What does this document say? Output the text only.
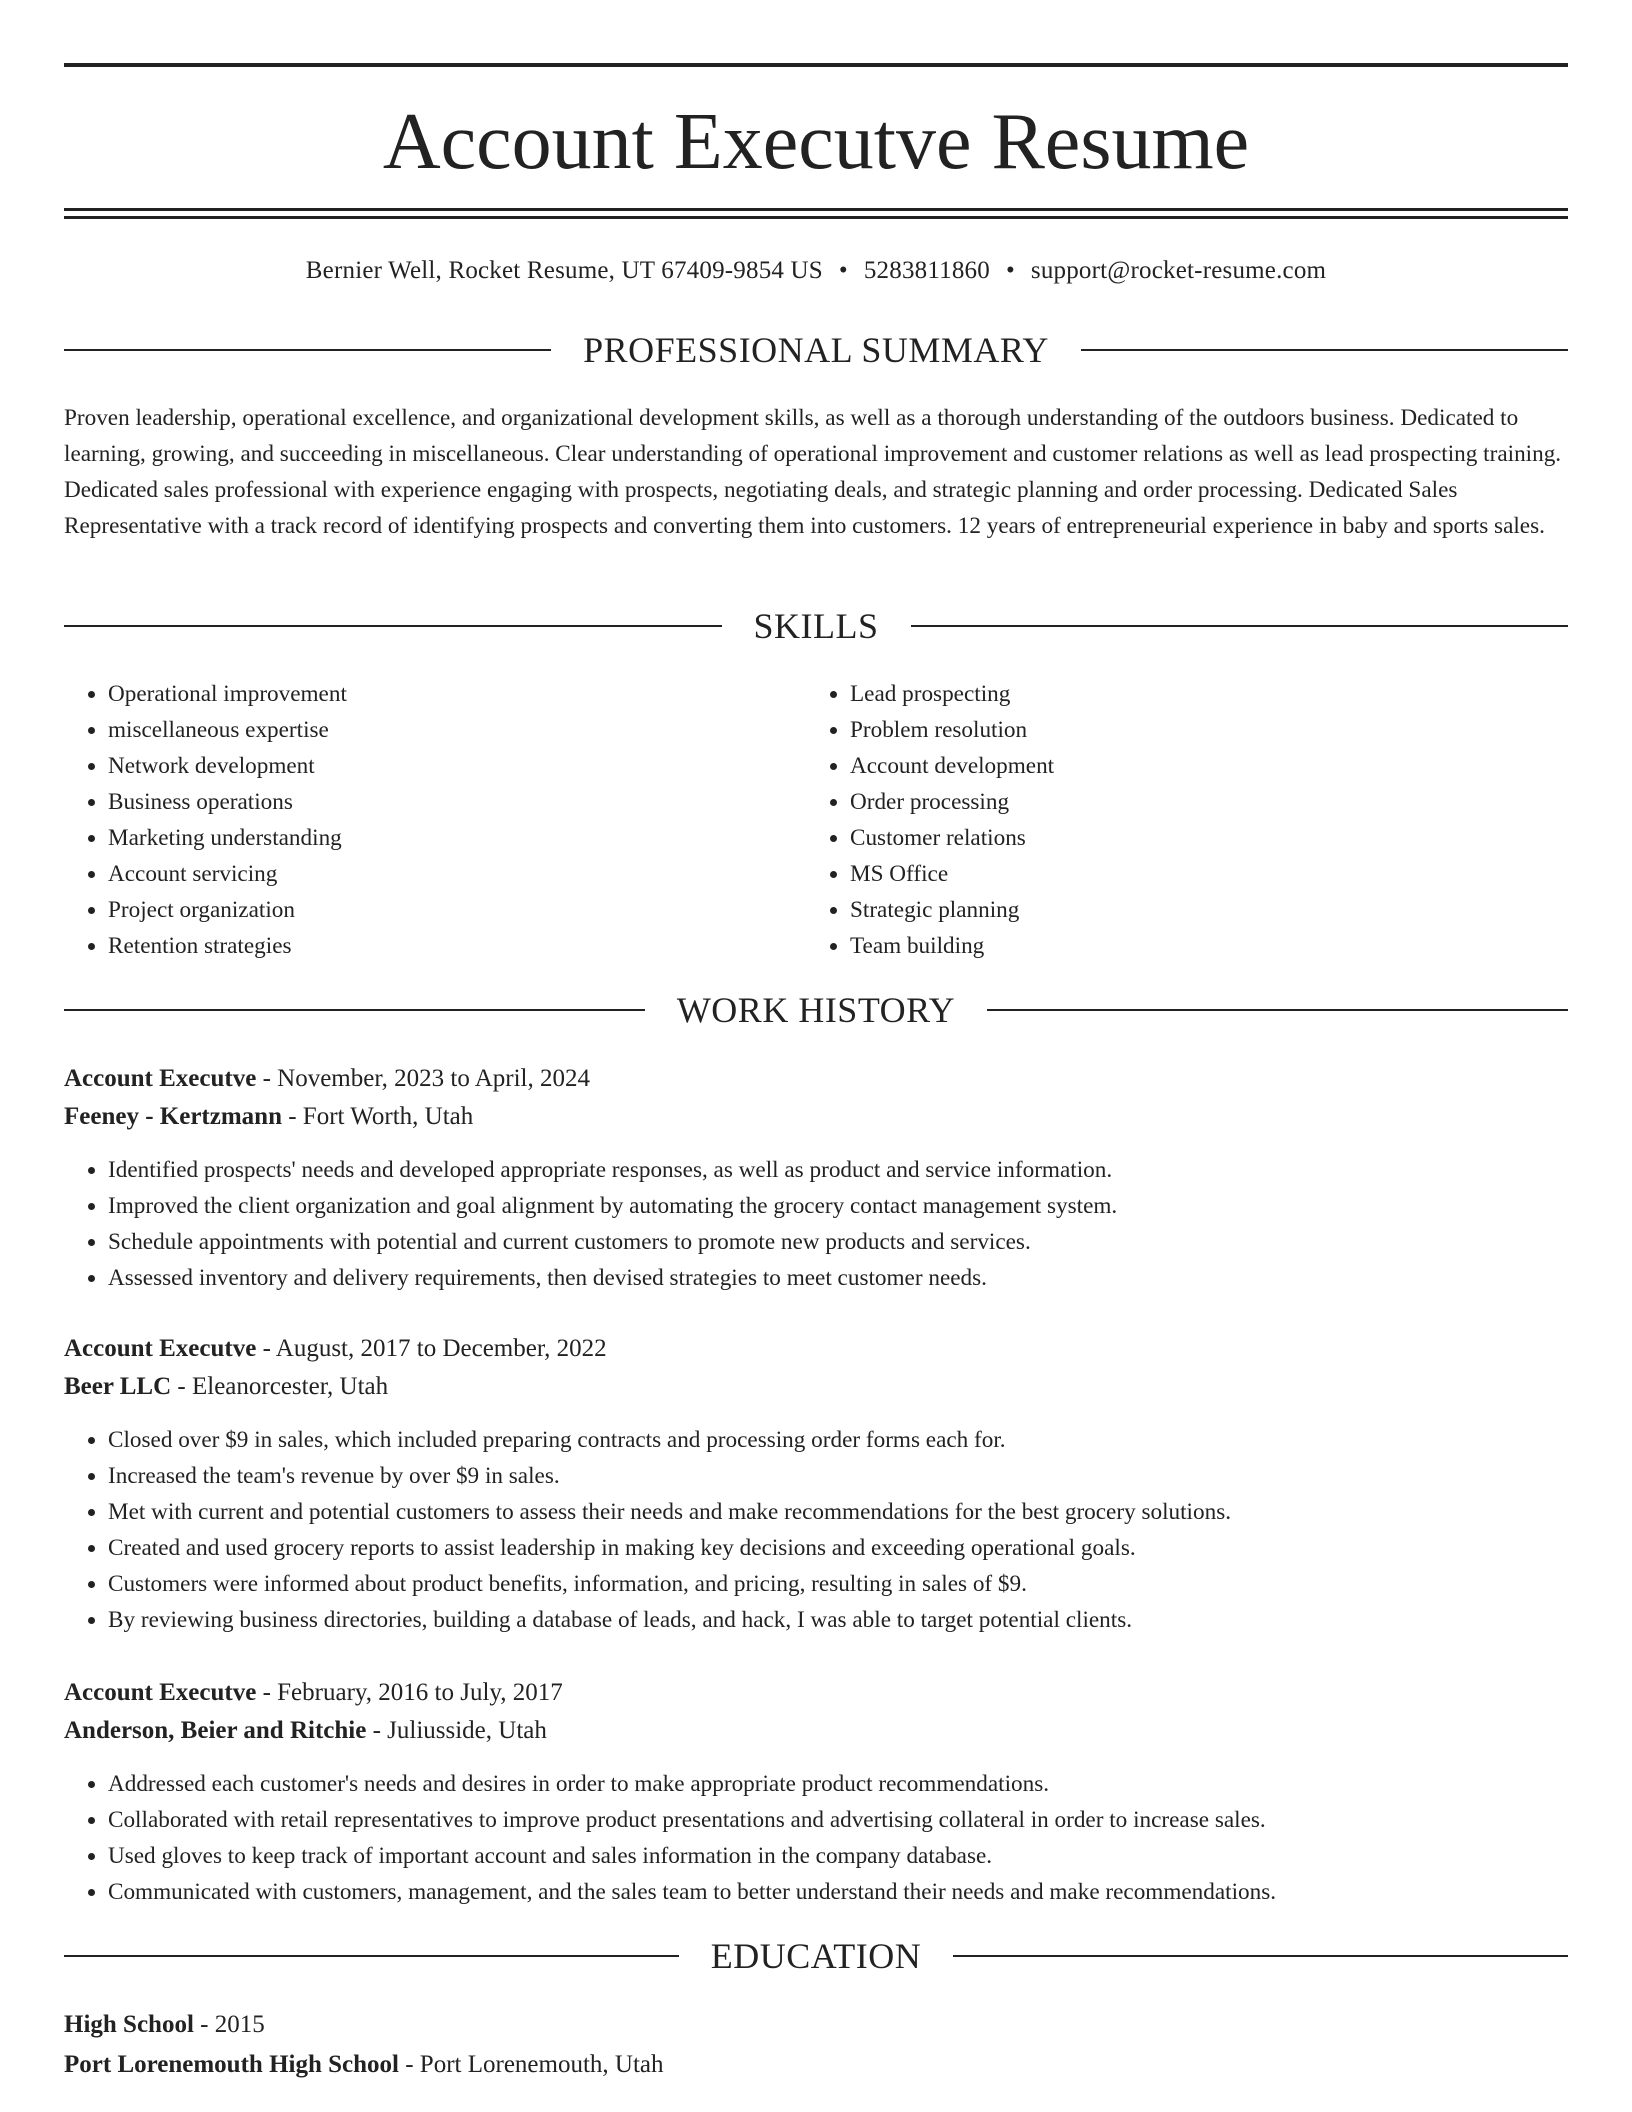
Account Executve Resume
Bernier Well, Rocket Resume, UT 67409-9854 US • 5283811860 • support@rocket-resume.com
PROFESSIONAL SUMMARY

Proven leadership, operational excellence, and organizational development skills, as well as a thorough understanding of the outdoors business. Dedicated to learning, growing, and succeeding in miscellaneous. Clear understanding of operational improvement and customer relations as well as lead prospecting training. Dedicated sales professional with experience engaging with prospects, negotiating deals, and strategic planning and order processing. Dedicated Sales Representative with a track record of identifying prospects and converting them into customers. 12 years of entrepreneurial experience in baby and sports sales.

SKILLS
• Operational improvement
• miscellaneous expertise
• Network development
• Business operations
• Marketing understanding
• Account servicing
• Project organization
• Retention strategies
• Lead prospecting
• Problem resolution
• Account development
• Order processing
• Customer relations
• MS Office
• Strategic planning
• Team building
WORK HISTORY
Account Executve - November, 2023 to April, 2024
Feeney - Kertzmann - Fort Worth, Utah
• Identified prospects' needs and developed appropriate responses, as well as product and service information.
• Improved the client organization and goal alignment by automating the grocery contact management system.
• Schedule appointments with potential and current customers to promote new products and services.
• Assessed inventory and delivery requirements, then devised strategies to meet customer needs.
Account Executve - August, 2017 to December, 2022
Beer LLC - Eleanorcester, Utah
• Closed over $9 in sales, which included preparing contracts and processing order forms each for.
• Increased the team's revenue by over $9 in sales.
• Met with current and potential customers to assess their needs and make recommendations for the best grocery solutions.
• Created and used grocery reports to assist leadership in making key decisions and exceeding operational goals.
• Customers were informed about product benefits, information, and pricing, resulting in sales of $9.
• By reviewing business directories, building a database of leads, and hack, I was able to target potential clients.
Account Executve - February, 2016 to July, 2017
Anderson, Beier and Ritchie - Juliusside, Utah
• Addressed each customer's needs and desires in order to make appropriate product recommendations.
• Collaborated with retail representatives to improve product presentations and advertising collateral in order to increase sales.
• Used gloves to keep track of important account and sales information in the company database.
• Communicated with customers, management, and the sales team to better understand their needs and make recommendations.
EDUCATION
High School - 2015
Port Lorenemouth High School - Port Lorenemouth, Utah
